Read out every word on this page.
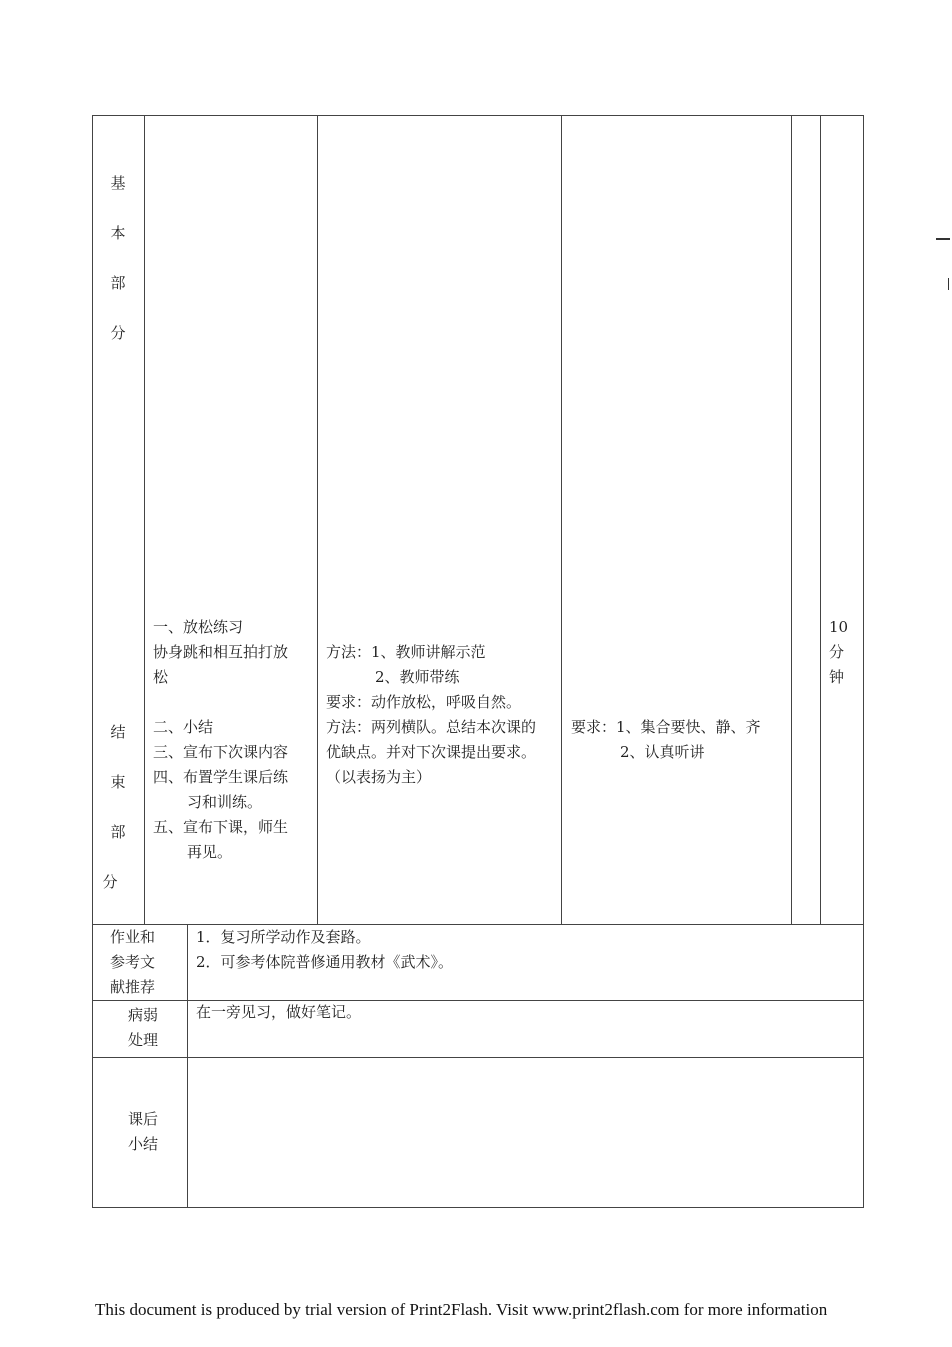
基
本
部
分
结
束
部
分
一、放松练习
协身跳和相互拍打放
松
二、小结
三、宣布下次课内容
四、布置学生课后练
习和训练。
五、宣布下课，师生
再见。
方法：1、教师讲解示范
2、教师带练
要求：动作放松，呼吸自然。
方法：两列横队。总结本次课的
优缺点。并对下次课提出要求。
（以表扬为主）
要求：1、集合要快、静、齐
2、认真听讲
10
分
钟
作业和
参考文
献推荐
1．复习所学动作及套路。
2．可参考体院普修通用教材《武术》。
病弱
处理
在一旁见习，做好笔记。
课后
小结
This document is produced by trial version of Print2Flash. Visit www.print2flash.com for more information
